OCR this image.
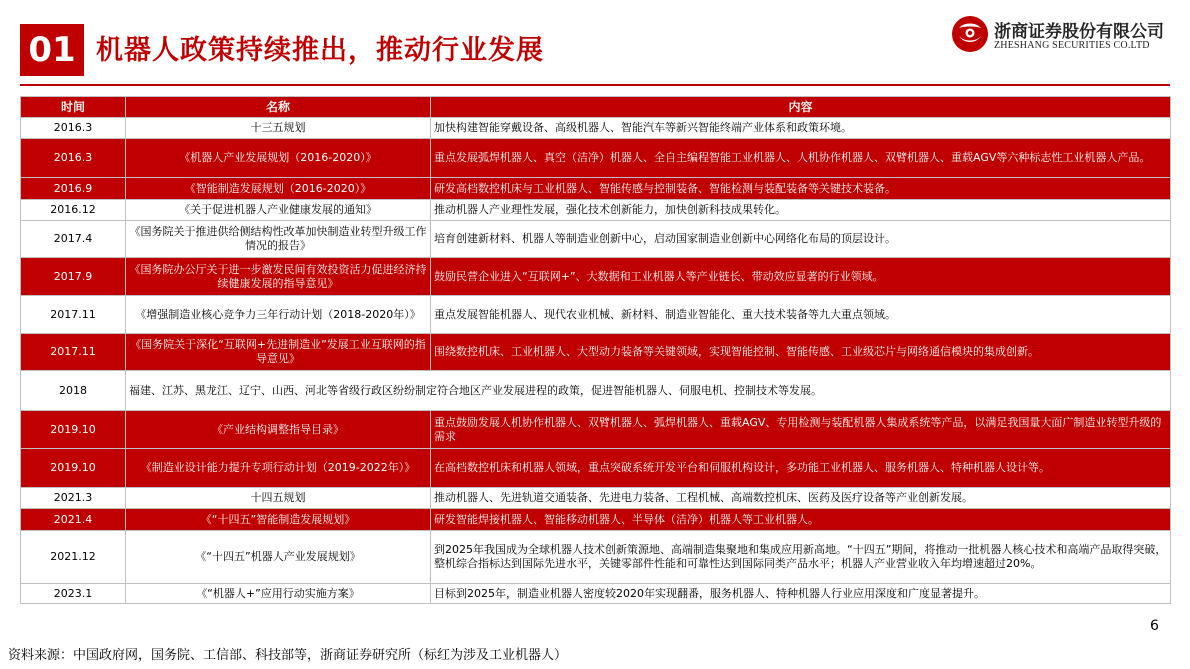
01 机器人政策持续推出，推动行业发展
浙商证券股份有限公司
ZHESHANG SECURITIES CO.LTD
时间	名称	内容
2016.3	十三五规划	加快构建智能穿戴设备、高级机器人、智能汽车等新兴智能终端产业体系和政策环境。
2016.3	《机器人产业发展规划（2016-2020）》	重点发展弧焊机器人、真空（洁净）机器人、全自主编程智能工业机器人、人机协作机器人、双臂机器人、重载AGV等六种标志性工业机器人产品。
2016.9	《智能制造发展规划（2016-2020）》	研发高档数控机床与工业机器人、智能传感与控制装备、智能检测与装配装备等关键技术装备。
2016.12	《关于促进机器人产业健康发展的通知》	推动机器人产业理性发展，强化技术创新能力，加快创新科技成果转化。
2017.4	《国务院关于推进供给侧结构性改革加快制造业转型升级工作情况的报告》	培育创建新材料、机器人等制造业创新中心，启动国家制造业创新中心网络化布局的顶层设计。
2017.9	《国务院办公厅关于进一步激发民间有效投资活力促进经济持续健康发展的指导意见》	鼓励民营企业进入“互联网+”、大数据和工业机器人等产业链长、带动效应显著的行业领域。
2017.11	《增强制造业核心竞争力三年行动计划（2018-2020年）》	重点发展智能机器人、现代农业机械、新材料、制造业智能化、重大技术装备等九大重点领域。
2017.11	《国务院关于深化“互联网+先进制造业”发展工业互联网的指导意见》	围绕数控机床、工业机器人、大型动力装备等关键领域，实现智能控制、智能传感、工业级芯片与网络通信模块的集成创新。
2018	福建、江苏、黑龙江、辽宁、山西、河北等省级行政区纷纷制定符合地区产业发展进程的政策，促进智能机器人、伺服电机、控制技术等发展。	
2019.10	《产业结构调整指导目录》	重点鼓励发展人机协作机器人、双臂机器人、弧焊机器人、重载AGV、专用检测与装配机器人集成系统等产品，以满足我国量大面广制造业转型升级的需求
2019.10	《制造业设计能力提升专项行动计划（2019-2022年）》	在高档数控机床和机器人领域，重点突破系统开发平台和伺服机构设计，多功能工业机器人、服务机器人、特种机器人设计等。
2021.3	十四五规划	推动机器人、先进轨道交通装备、先进电力装备、工程机械、高端数控机床、医药及医疗设备等产业创新发展。
2021.4	《“十四五”智能制造发展规划》	研发智能焊接机器人、智能移动机器人、半导体（洁净）机器人等工业机器人。
2021.12	《“十四五”机器人产业发展规划》	到2025年我国成为全球机器人技术创新策源地、高端制造集聚地和集成应用新高地。“十四五”期间，将推动一批机器人核心技术和高端产品取得突破，整机综合指标达到国际先进水平，关键零部件性能和可靠性达到国际同类产品水平；机器人产业营业收入年均增速超过20%。
2023.1	《“机器人+”应用行动实施方案》	目标到2025年，制造业机器人密度较2020年实现翻番，服务机器人、特种机器人行业应用深度和广度显著提升。
6
资料来源：中国政府网，国务院、工信部、科技部等，浙商证券研究所（标红为涉及工业机器人）
